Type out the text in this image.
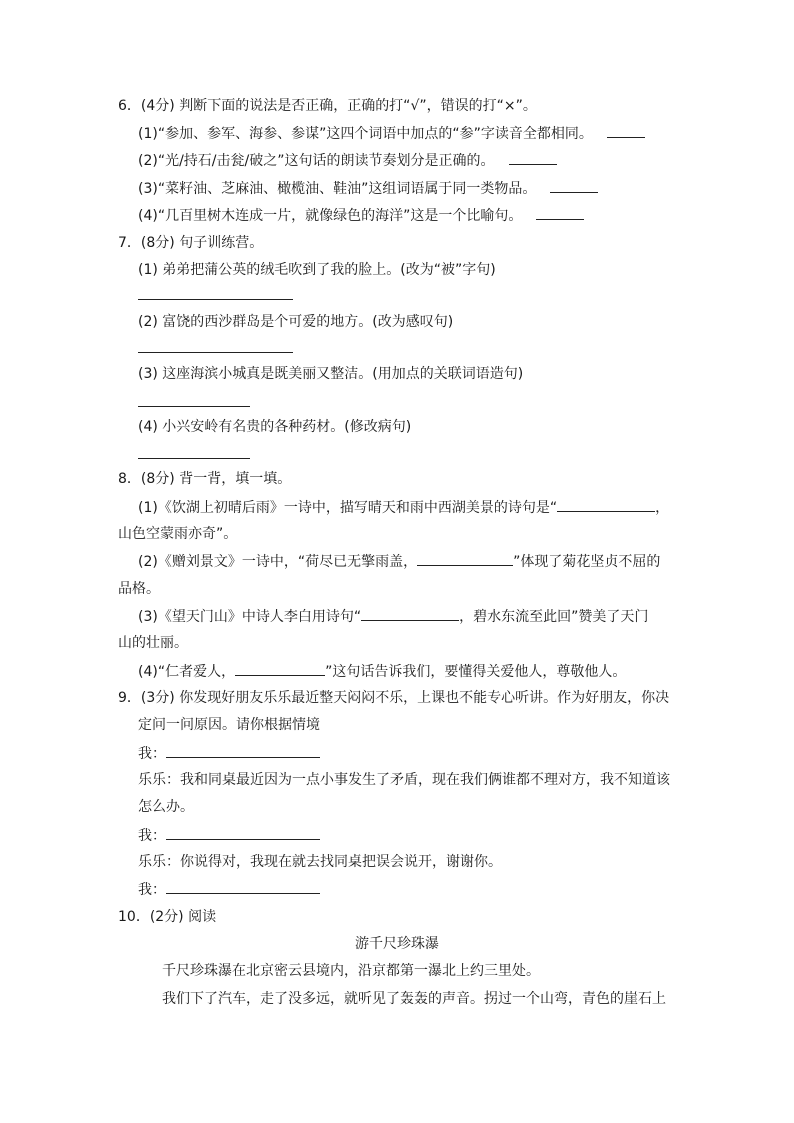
6．(4分) 判断下面的说法是否正确，正确的打“√”，错误的打“×”。
(1)“参加、参军、海参、参谋”这四个词语中加点的“参”字读音全都相同。
(2)“光/持石/击瓮/破之”这句话的朗读节奏划分是正确的。
(3)“菜籽油、芝麻油、橄榄油、鞋油”这组词语属于同一类物品。
(4)“几百里树木连成一片，就像绿色的海洋”这是一个比喻句。
7．(8分) 句子训练营。
(1) 弟弟把蒲公英的绒毛吹到了我的脸上。(改为“被”字句)
(2) 富饶的西沙群岛是个可爱的地方。(改为感叹句)
(3) 这座海滨小城真是既美丽又整洁。(用加点的关联词语造句)
(4) 小兴安岭有名贵的各种药材。(修改病句)
8．(8分) 背一背，填一填。
(1)《饮湖上初晴后雨》一诗中，描写晴天和雨中西湖美景的诗句是“	，
山色空蒙雨亦奇”。
(2)《赠刘景文》一诗中，“荷尽已无擎雨盖，	”体现了菊花坚贞不屈的
品格。
(3)《望天门山》中诗人李白用诗句“	，碧水东流至此回”赞美了天门
山的壮丽。
(4)“仁者爱人，	”这句话告诉我们，要懂得关爱他人，尊敬他人。
9．(3分) 你发现好朋友乐乐最近整天闷闷不乐，上课也不能专心听讲。作为好朋友，你决
定问一问原因。请你根据情境
我：
乐乐：我和同桌最近因为一点小事发生了矛盾，现在我们俩谁都不理对方，我不知道该
怎么办。
我：
乐乐：你说得对，我现在就去找同桌把误会说开，谢谢你。
我：
10．(2分) 阅读
游千尺珍珠瀑
千尺珍珠瀑在北京密云县境内，沿京都第一瀑北上约三里处。
我们下了汽车，走了没多远，就听见了轰轰的声音。拐过一个山弯，青色的崖石上
